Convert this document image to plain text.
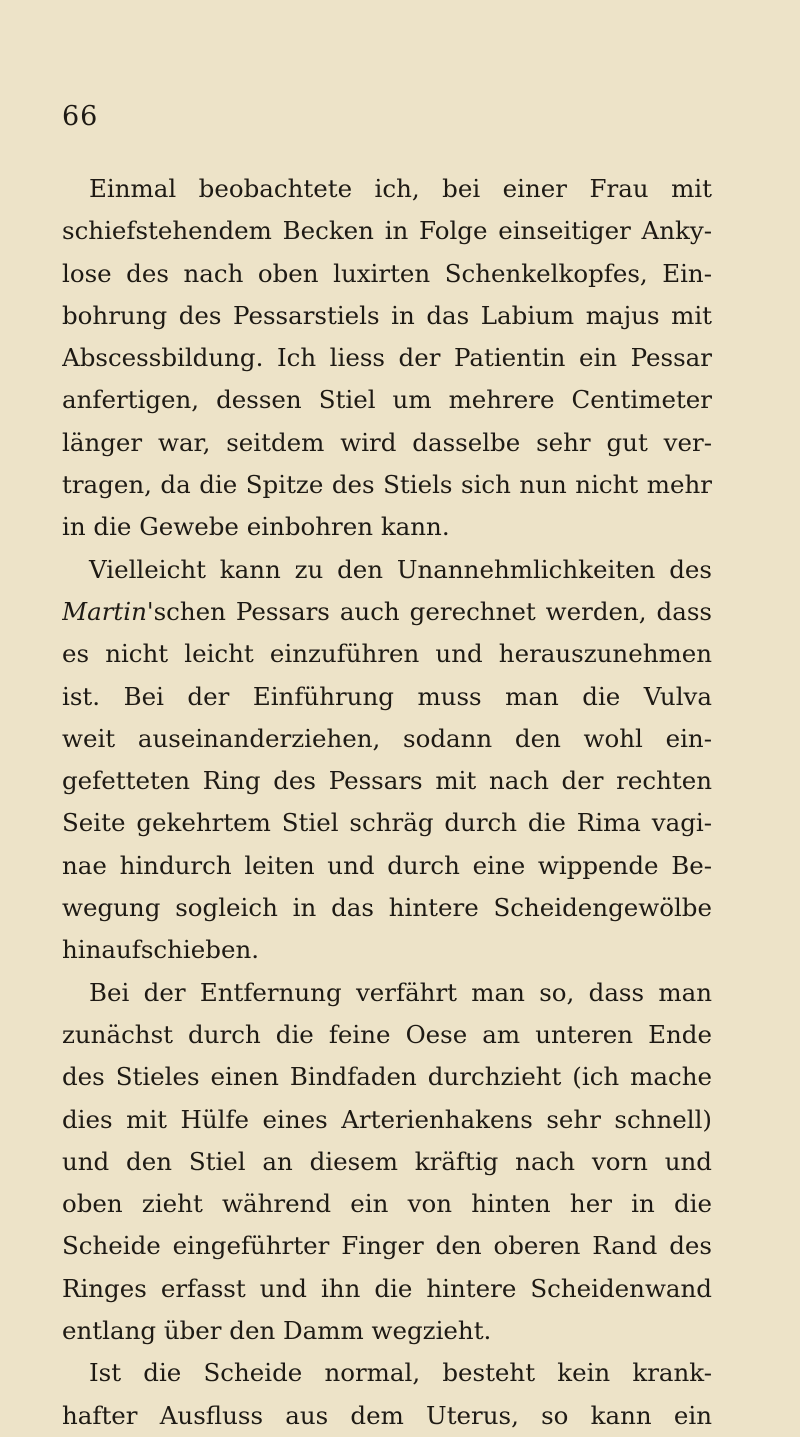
66
Einmal beobachtete ich, bei einer Frau mit
schiefstehendem Becken in Folge einseitiger Anky-
lose des nach oben luxirten Schenkelkopfes, Ein-
bohrung des Pessarstiels in das Labium majus mit
Abscessbildung. Ich liess der Patientin ein Pessar
anfertigen, dessen Stiel um mehrere Centimeter
länger war, seitdem wird dasselbe sehr gut ver-
tragen, da die Spitze des Stiels sich nun nicht mehr
in die Gewebe einbohren kann.
Vielleicht kann zu den Unannehmlichkeiten des
Martin'schen Pessars auch gerechnet werden, dass
es nicht leicht einzuführen und herauszunehmen
ist. Bei der Einführung muss man die Vulva
weit auseinanderziehen, sodann den wohl ein-
gefetteten Ring des Pessars mit nach der rechten
Seite gekehrtem Stiel schräg durch die Rima vagi-
nae hindurch leiten und durch eine wippende Be-
wegung sogleich in das hintere Scheidengewölbe
hinaufschieben.
Bei der Entfernung verfährt man so, dass man
zunächst durch die feine Oese am unteren Ende
des Stieles einen Bindfaden durchzieht (ich mache
dies mit Hülfe eines Arterienhakens sehr schnell)
und den Stiel an diesem kräftig nach vorn und
oben zieht während ein von hinten her in die
Scheide eingeführter Finger den oberen Rand des
Ringes erfasst und ihn die hintere Scheidenwand
entlang über den Damm wegzieht.
Ist die Scheide normal, besteht kein krank-
hafter Ausfluss aus dem Uterus, so kann ein
